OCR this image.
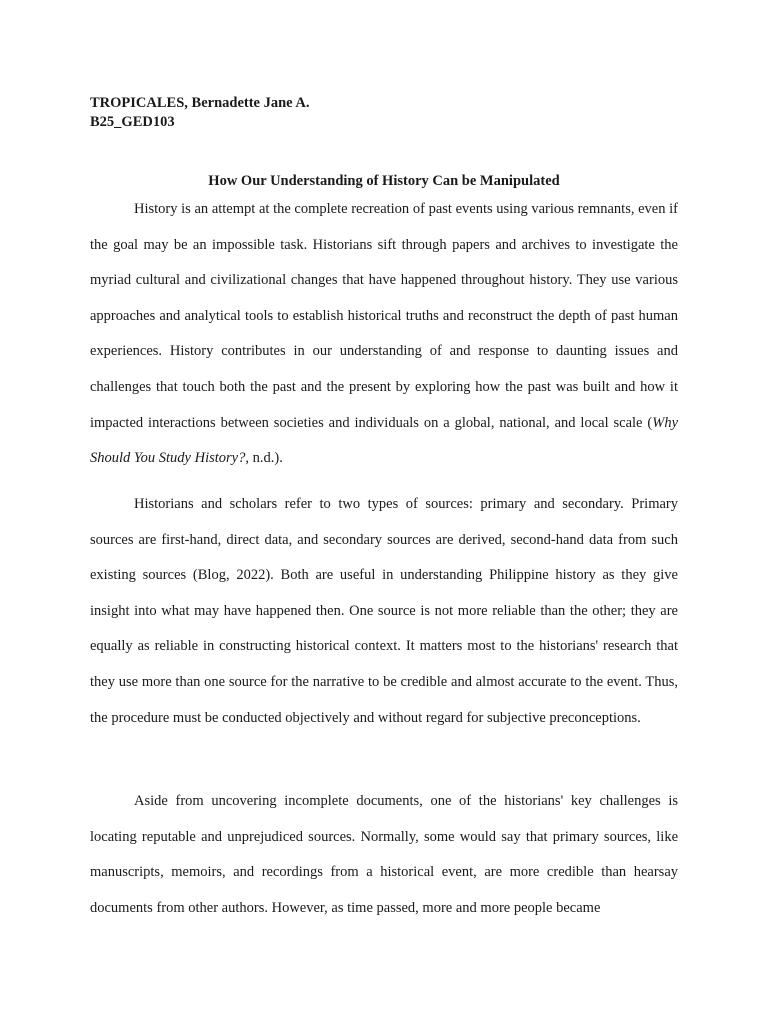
TROPICALES, Bernadette Jane A.
B25_GED103
How Our Understanding of History Can be Manipulated

History is an attempt at the complete recreation of past events using various remnants, even if the goal may be an impossible task. Historians sift through papers and archives to investigate the myriad cultural and civilizational changes that have happened throughout history. They use various approaches and analytical tools to establish historical truths and reconstruct the depth of past human experiences. History contributes in our understanding of and response to daunting issues and challenges that touch both the past and the present by exploring how the past was built and how it impacted interactions between societies and individuals on a global, national, and local scale (Why Should You Study History?, n.d.).

Historians and scholars refer to two types of sources: primary and secondary. Primary sources are first-hand, direct data, and secondary sources are derived, second-hand data from such existing sources (Blog, 2022). Both are useful in understanding Philippine history as they give insight into what may have happened then. One source is not more reliable than the other; they are equally as reliable in constructing historical context. It matters most to the historians' research that they use more than one source for the narrative to be credible and almost accurate to the event. Thus, the procedure must be conducted objectively and without regard for subjective preconceptions.

Aside from uncovering incomplete documents, one of the historians' key challenges is locating reputable and unprejudiced sources. Normally, some would say that primary sources, like manuscripts, memoirs, and recordings from a historical event, are more credible than hearsay documents from other authors. However, as time passed, more and more people became
